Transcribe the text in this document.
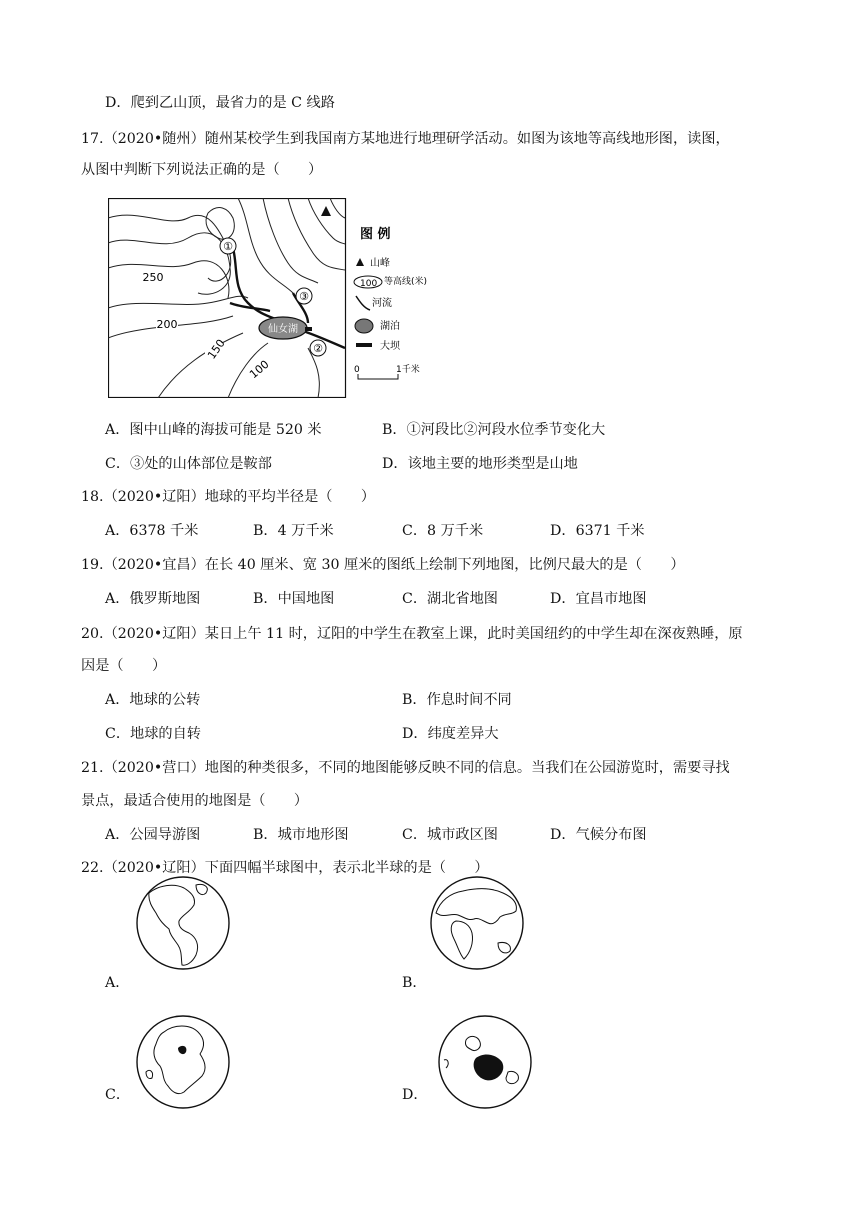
D．爬到乙山顶，最省力的是 C 线路
17.（2020•随州）随州某校学生到我国南方某地进行地理研学活动。如图为该地等高线地形图，读图，
从图中判断下列说法正确的是（　　）
仙女湖
①
②
③
250
200
150
100
图 例
山峰
100 等高线(米)
河流
湖泊
大坝
0	1千米
A．图中山峰的海拔可能是 520 米	B．①河段比②河段水位季节变化大
C．③处的山体部位是鞍部	D．该地主要的地形类型是山地
18.（2020•辽阳）地球的平均半径是（　　）
A．6378 千米	B．4 万千米	C．8 万千米	D．6371 千米
19.（2020•宜昌）在长 40 厘米、宽 30 厘米的图纸上绘制下列地图，比例尺最大的是（　　）
A．俄罗斯地图	B．中国地图	C．湖北省地图	D．宜昌市地图
20.（2020•辽阳）某日上午 11 时，辽阳的中学生在教室上课，此时美国纽约的中学生却在深夜熟睡，原
因是（　　）
A．地球的公转	B．作息时间不同
C．地球的自转	D．纬度差异大
21.（2020•营口）地图的种类很多，不同的地图能够反映不同的信息。当我们在公园游览时，需要寻找
景点，最适合使用的地图是（　　）
A．公园导游图	B．城市地形图	C．城市政区图	D．气候分布图
22.（2020•辽阳）下面四幅半球图中，表示北半球的是（　　）
A．	B．
C．	D．
